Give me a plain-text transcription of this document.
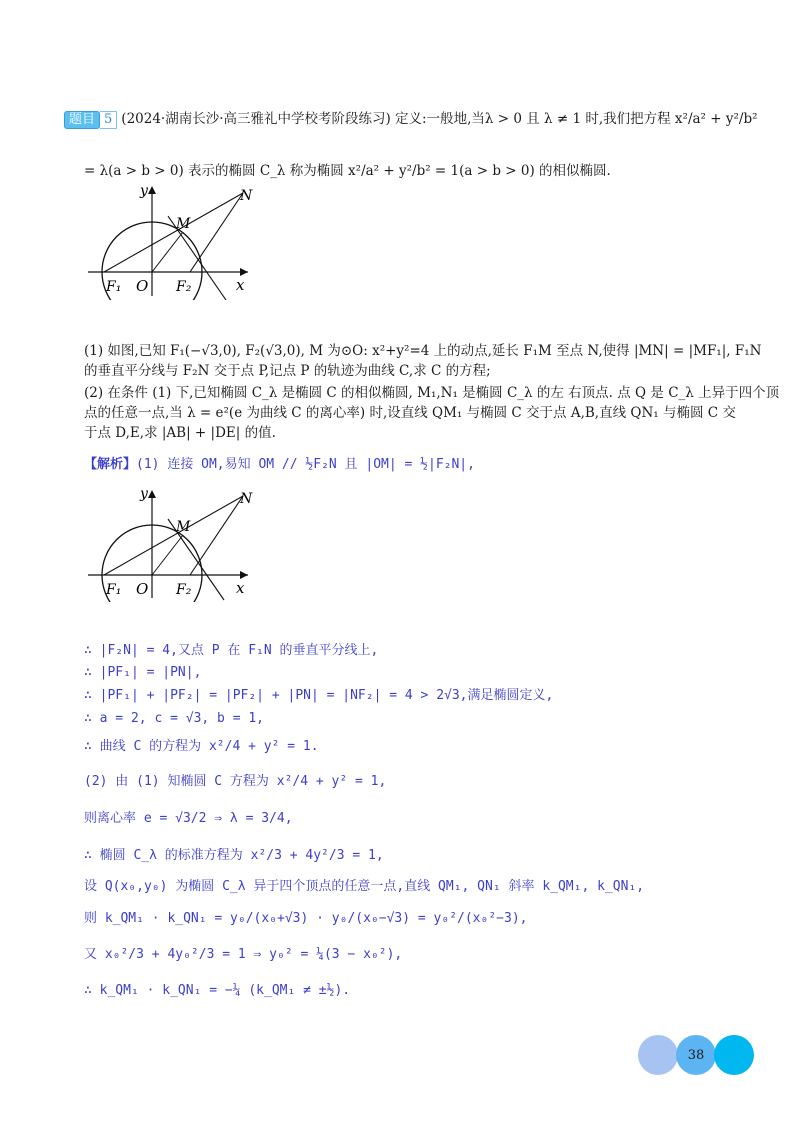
题目 5 (2024·湖南长沙·高三雅礼中学校考阶段练习) 定义:一般地,当λ > 0 且 λ ≠ 1 时,我们把方程 x²/a² + y²/b²
= λ(a > b > 0) 表示的椭圆 C_λ 称为椭圆 x²/a² + y²/b² = 1(a > b > 0) 的相似椭圆.
y
x
O
F₁	F₂
M
N
(1) 如图,已知 F₁(−√3,0), F₂(√3,0), M 为⊙O: x²+y²=4 上的动点,延长 F₁M 至点 N,使得 |MN| = |MF₁|, F₁N
的垂直平分线与 F₂N 交于点 P,记点 P 的轨迹为曲线 C,求 C 的方程;
(2) 在条件 (1) 下,已知椭圆 C_λ 是椭圆 C 的相似椭圆, M₁,N₁ 是椭圆 C_λ 的左 右顶点. 点 Q 是 C_λ 上异于四个顶
点的任意一点,当 λ = e²(e 为曲线 C 的离心率) 时,设直线 QM₁ 与椭圆 C 交于点 A,B,直线 QN₁ 与椭圆 C 交
于点 D,E,求 |AB| + |DE| 的值.
【解析】(1) 连接 OM,易知 OM // ½F₂N 且 |OM| = ½|F₂N|,
y
x
O
F₁	F₂
M
N
∴ |F₂N| = 4,又点 P 在 F₁N 的垂直平分线上,
∴ |PF₁| = |PN|,
∴ |PF₁| + |PF₂| = |PF₂| + |PN| = |NF₂| = 4 > 2√3,满足椭圆定义,
∴ a = 2, c = √3, b = 1,
∴ 曲线 C 的方程为 x²/4 + y² = 1.
(2) 由 (1) 知椭圆 C 方程为 x²/4 + y² = 1,
则离心率 e = √3/2 ⇒ λ = 3/4,
∴ 椭圆 C_λ 的标准方程为 x²/3 + 4y²/3 = 1,
设 Q(x₀,y₀) 为椭圆 C_λ 异于四个顶点的任意一点,直线 QM₁, QN₁ 斜率 k_QM₁, k_QN₁,
则 k_QM₁ · k_QN₁ = y₀/(x₀+√3) · y₀/(x₀−√3) = y₀²/(x₀²−3),
又 x₀²/3 + 4y₀²/3 = 1 ⇒ y₀² = ¼(3 − x₀²),
∴ k_QM₁ · k_QN₁ = −¼ (k_QM₁ ≠ ±½).
38
